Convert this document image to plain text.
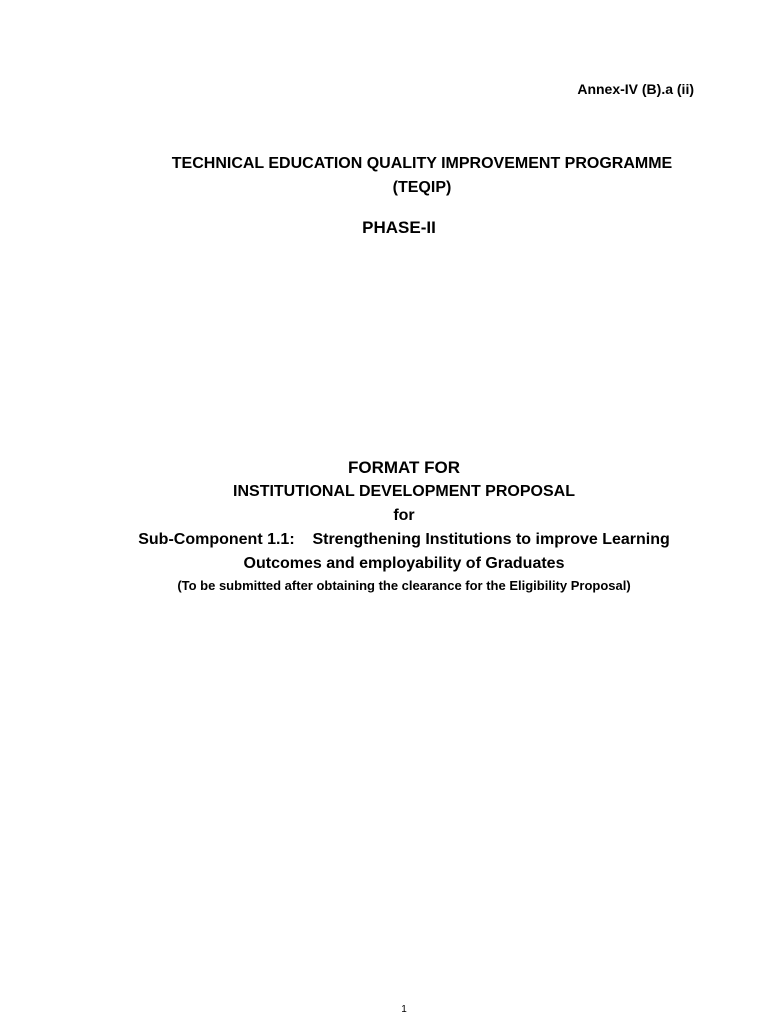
Annex-IV (B).a (ii)
TECHNICAL EDUCATION QUALITY IMPROVEMENT PROGRAMME
(TEQIP)
PHASE-II
FORMAT FOR
INSTITUTIONAL DEVELOPMENT PROPOSAL
for
Sub-Component 1.1:    Strengthening Institutions to improve Learning
Outcomes and employability of Graduates
(To be submitted after obtaining the clearance for the Eligibility Proposal)
1
